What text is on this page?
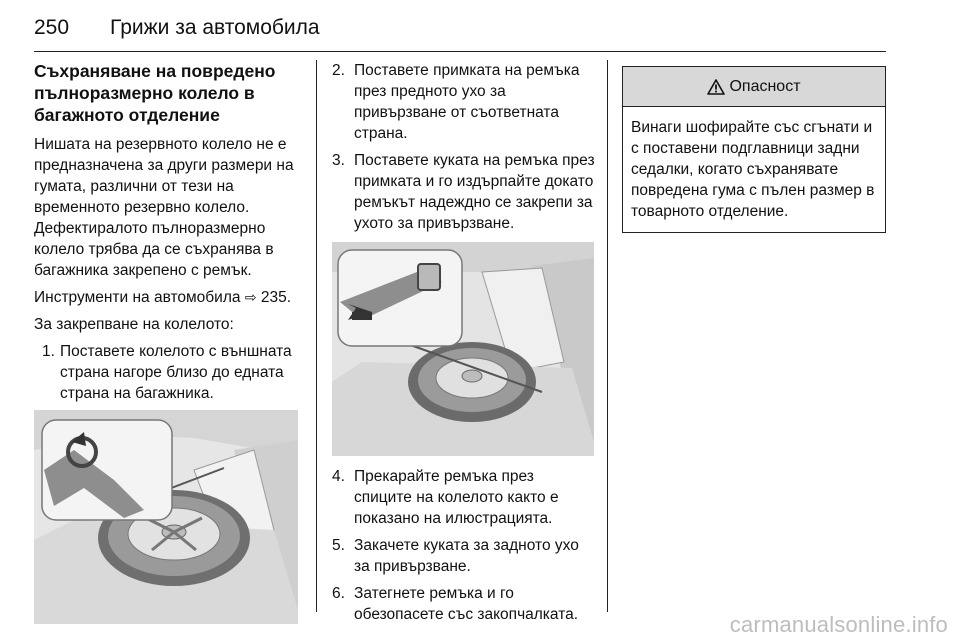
250 Грижи за автомобила
Съхраняване на повредено пълноразмерно колело в багажното отделение

Нишата на резервното колело не е предназначена за други размери на гумата, различни от тези на временното резервно колело. Дефектиралото пълноразмерно колело трябва да се съхранява в багажника закрепено с ремък.

Инструменти на автомобила ⇨ 235.

За закрепване на колелото:

1. Поставете колелото с външната страна нагоре близо до едната страна на багажника.
2. Поставете примката на ремъка през предното ухо за привързване от съответната страна.
3. Поставете куката на ремъка през примката и го издърпайте докато ремъкът надеждно се закрепи за ухото за привързване.
4. Прекарайте ремъка през спиците на колелото както е показано на илюстрацията.
5. Закачете куката за задното ухо за привързване.
6. Затегнете ремъка и го обезопасете със закопчалката.
Опасност
Винаги шофирайте със сгънати и с поставени подглавници задни седалки, когато съхранявате повредена гума с пълен размер в товарното отделение.
carmanualsonline.info
